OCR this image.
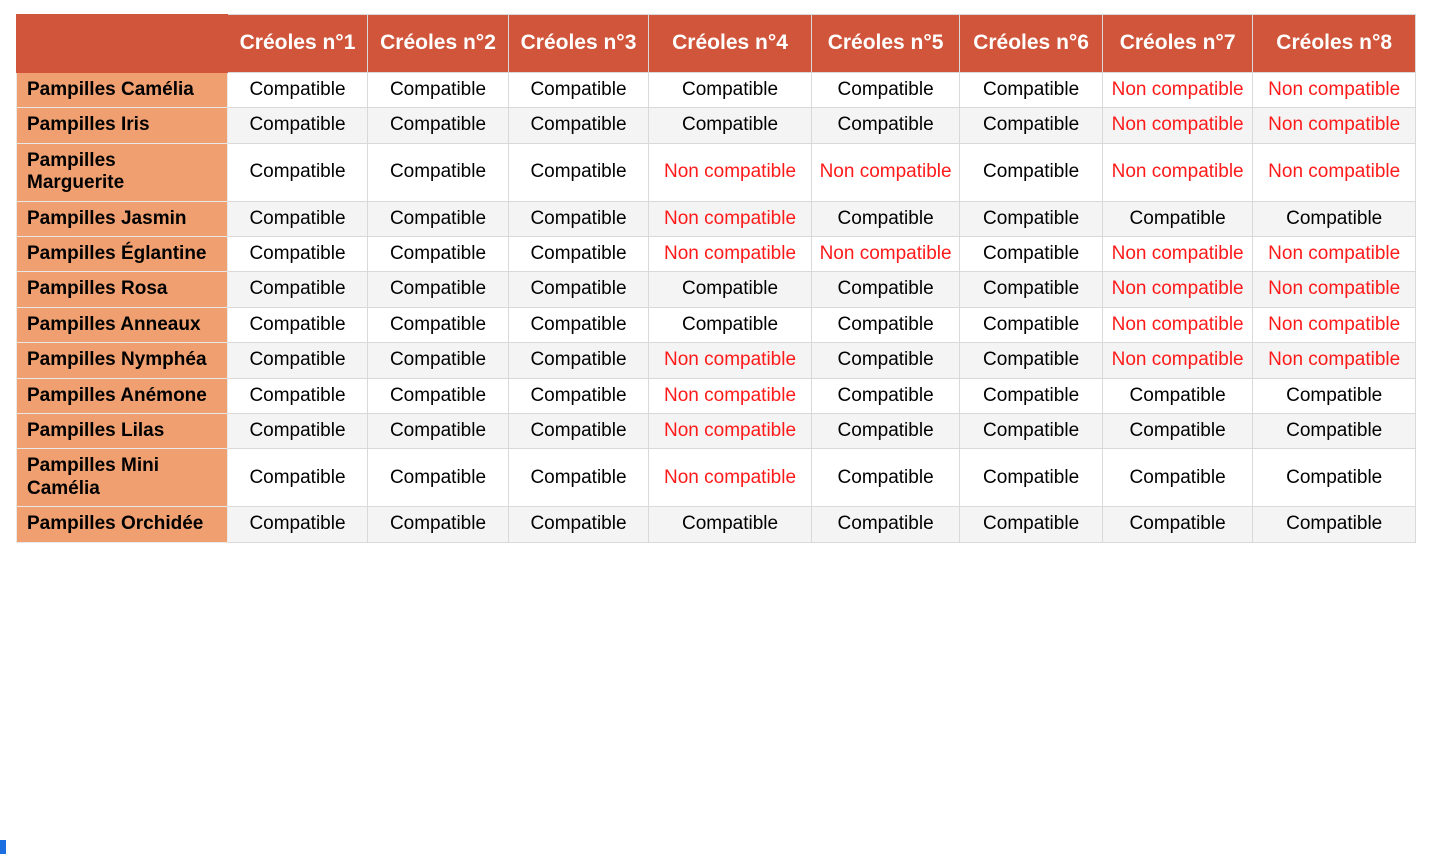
	Créoles n°1	Créoles n°2	Créoles n°3	Créoles n°4	Créoles n°5	Créoles n°6	Créoles n°7	Créoles n°8
Pampilles Camélia	Compatible	Compatible	Compatible	Compatible	Compatible	Compatible	Non compatible	Non compatible
Pampilles Iris	Compatible	Compatible	Compatible	Compatible	Compatible	Compatible	Non compatible	Non compatible
Pampilles Marguerite	Compatible	Compatible	Compatible	Non compatible	Non compatible	Compatible	Non compatible	Non compatible
Pampilles Jasmin	Compatible	Compatible	Compatible	Non compatible	Compatible	Compatible	Compatible	Compatible
Pampilles Églantine	Compatible	Compatible	Compatible	Non compatible	Non compatible	Compatible	Non compatible	Non compatible
Pampilles Rosa	Compatible	Compatible	Compatible	Compatible	Compatible	Compatible	Non compatible	Non compatible
Pampilles Anneaux	Compatible	Compatible	Compatible	Compatible	Compatible	Compatible	Non compatible	Non compatible
Pampilles Nymphéa	Compatible	Compatible	Compatible	Non compatible	Compatible	Compatible	Non compatible	Non compatible
Pampilles Anémone	Compatible	Compatible	Compatible	Non compatible	Compatible	Compatible	Compatible	Compatible
Pampilles Lilas	Compatible	Compatible	Compatible	Non compatible	Compatible	Compatible	Compatible	Compatible
Pampilles Mini Camélia	Compatible	Compatible	Compatible	Non compatible	Compatible	Compatible	Compatible	Compatible
Pampilles Orchidée	Compatible	Compatible	Compatible	Compatible	Compatible	Compatible	Compatible	Compatible
